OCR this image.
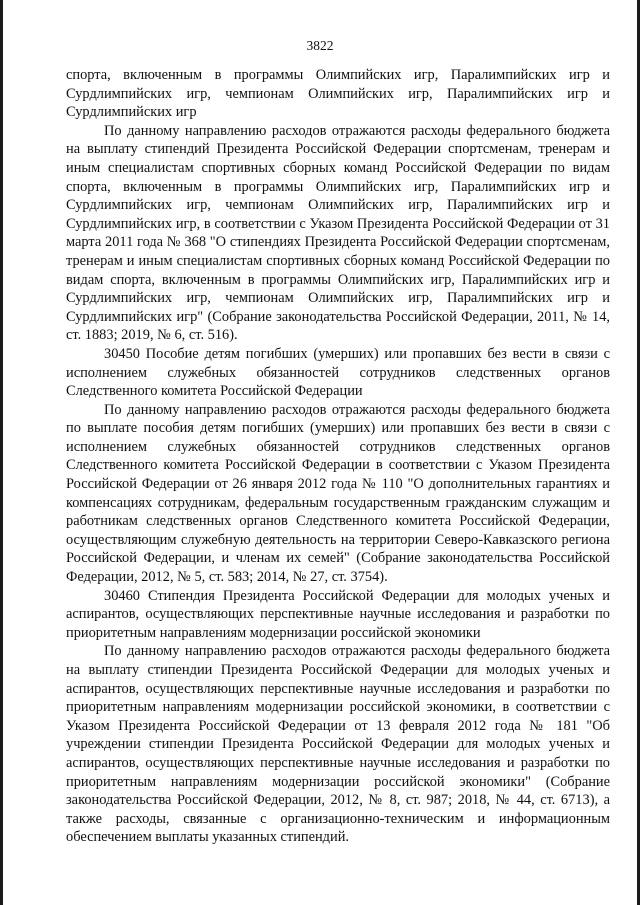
3822

спорта, включенным в программы Олимпийских игр, Паралимпийских игр и Сурдлимпийских игр, чемпионам Олимпийских игр, Паралимпийских игр и Сурдлимпийских игр

По данному направлению расходов отражаются расходы федерального бюджета на выплату стипендий Президента Российской Федерации спортсменам, тренерам и иным специалистам спортивных сборных команд Российской Федерации по видам спорта, включенным в программы Олимпийских игр, Паралимпийских игр и Сурдлимпийских игр, чемпионам Олимпийских игр, Паралимпийских игр и Сурдлимпийских игр, в соответствии с Указом Президента Российской Федерации от 31 марта 2011 года № 368 "О стипендиях Президента Российской Федерации спортсменам, тренерам и иным специалистам спортивных сборных команд Российской Федерации по видам спорта, включенным в программы Олимпийских игр, Паралимпийских игр и Сурдлимпийских игр, чемпионам Олимпийских игр, Паралимпийских игр и Сурдлимпийских игр" (Собрание законодательства Российской Федерации, 2011, № 14, ст. 1883; 2019, № 6, ст. 516).

30450 Пособие детям погибших (умерших) или пропавших без вести в связи с исполнением служебных обязанностей сотрудников следственных органов Следственного комитета Российской Федерации

По данному направлению расходов отражаются расходы федерального бюджета по выплате пособия детям погибших (умерших) или пропавших без вести в связи с исполнением служебных обязанностей сотрудников следственных органов Следственного комитета Российской Федерации в соответствии с Указом Президента Российской Федерации от 26 января 2012 года № 110 "О дополнительных гарантиях и компенсациях сотрудникам, федеральным государственным гражданским служащим и работникам следственных органов Следственного комитета Российской Федерации, осуществляющим служебную деятельность на территории Северо-Кавказского региона Российской Федерации, и членам их семей" (Собрание законодательства Российской Федерации, 2012, № 5, ст. 583; 2014, № 27, ст. 3754).

30460 Стипендия Президента Российской Федерации для молодых ученых и аспирантов, осуществляющих перспективные научные исследования и разработки по приоритетным направлениям модернизации российской экономики

По данному направлению расходов отражаются расходы федерального бюджета на выплату стипендии Президента Российской Федерации для молодых ученых и аспирантов, осуществляющих перспективные научные исследования и разработки по приоритетным направлениям модернизации российской экономики, в соответствии с Указом Президента Российской Федерации от 13 февраля 2012 года № 181 "Об учреждении стипендии Президента Российской Федерации для молодых ученых и аспирантов, осуществляющих перспективные научные исследования и разработки по приоритетным направлениям модернизации российской экономики" (Собрание законодательства Российской Федерации, 2012, № 8, ст. 987; 2018, № 44, ст. 6713), а также расходы, связанные с организационно-техническим и информационным обеспечением выплаты указанных стипендий.
